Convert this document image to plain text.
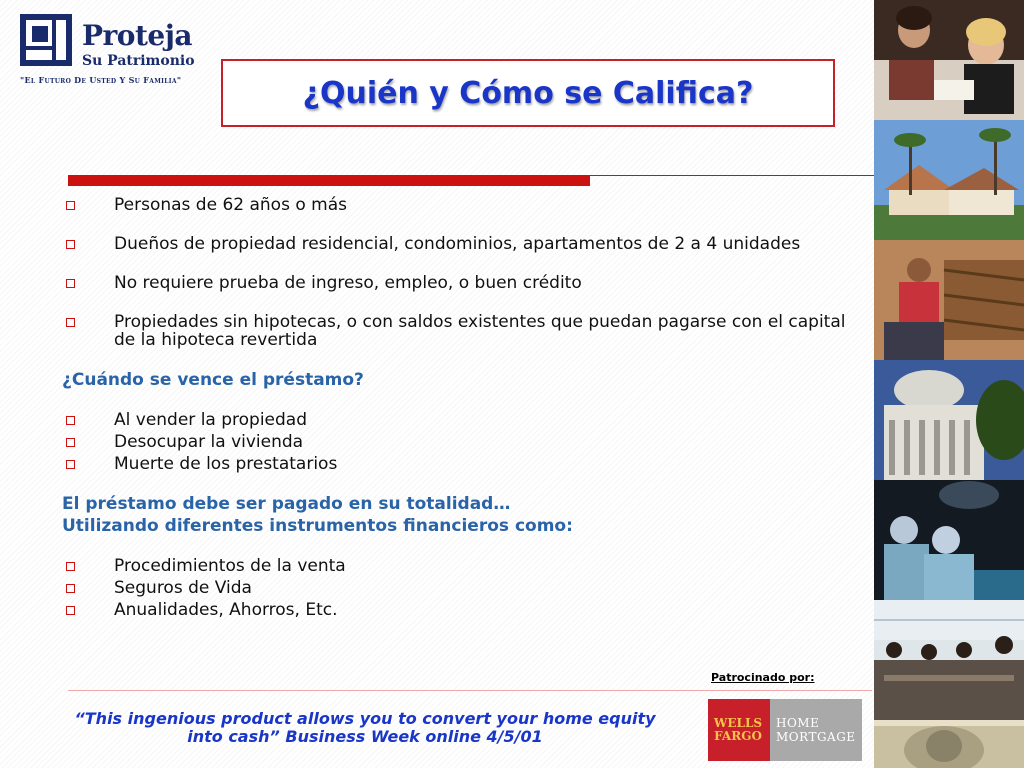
Proteja
Su Patrimonio
"El Futuro De Usted Y Su Familia"	¿Quién y Cómo se Califica?
Personas de 62 años o más
Dueños de propiedad residencial, condominios, apartamentos de 2 a 4 unidades
No requiere prueba de ingreso, empleo, o buen crédito
Propiedades sin hipotecas, o con saldos existentes que puedan pagarse con el capital de la hipoteca revertida
¿Cuándo se vence el préstamo?
Al vender la propiedad
Desocupar la vivienda
Muerte de los prestatarios
El préstamo debe ser pagado en su totalidad…
Utilizando diferentes instrumentos financieros como:
Procedimientos de la venta
Seguros de Vida
Anualidades, Ahorros, Etc.
Patrocinado por:
“This ingenious product allows you to convert your home equity into cash” Business Week online 4/5/01
WELLS
FARGO
HOME
MORTGAGE
